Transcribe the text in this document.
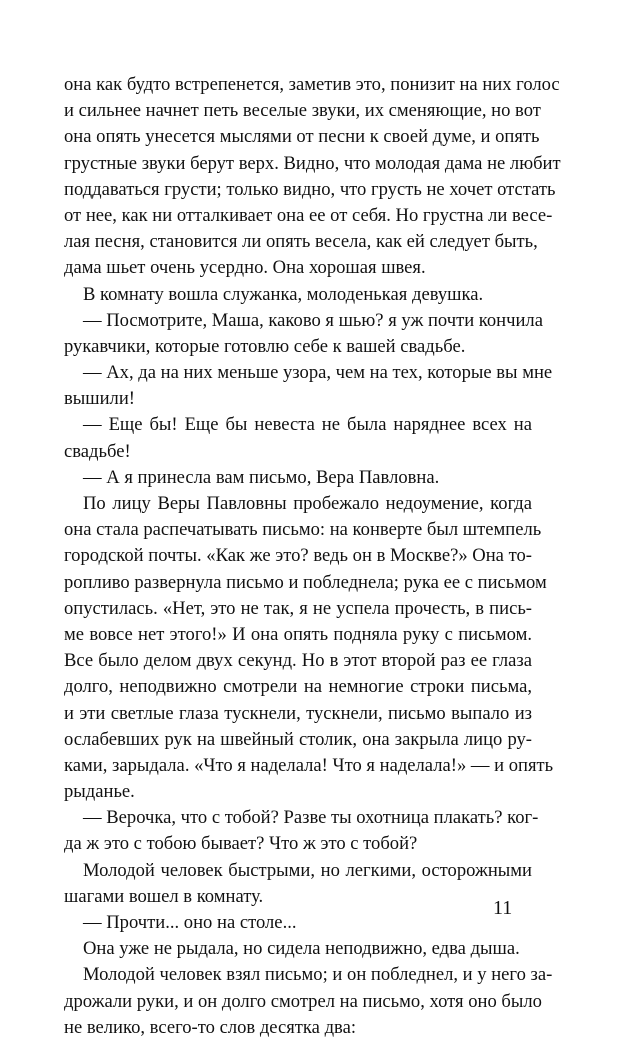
она как будто встрепенется, заметив это, понизит на них голос
и сильнее начнет петь веселые звуки, их сменяющие, но вот
она опять унесется мыслями от песни к своей думе, и опять
грустные звуки берут верх. Видно, что молодая дама не любит
поддаваться грусти; только видно, что грусть не хочет отстать
от нее, как ни отталкивает она ее от себя. Но грустна ли весе-
лая песня, становится ли опять весела, как ей следует быть,
дама шьет очень усердно. Она хорошая швея.
В комнату вошла служанка, молоденькая девушка.
— Посмотрите, Маша, каково я шью? я уж почти кончила
рукавчики, которые готовлю себе к вашей свадьбе.
— Ах, да на них меньше узора, чем на тех, которые вы мне
вышили!
— Еще бы! Еще бы невеста не была наряднее всех на
свадьбе!
— А я принесла вам письмо, Вера Павловна.
По лицу Веры Павловны пробежало недоумение, когда
она стала распечатывать письмо: на конверте был штемпель
городской почты. «Как же это? ведь он в Москве?» Она то-
ропливо развернула письмо и побледнела; рука ее с письмом
опустилась. «Нет, это не так, я не успела прочесть, в пись-
ме вовсе нет этого!» И она опять подняла руку с письмом.
Все было делом двух секунд. Но в этот второй раз ее глаза
долго, неподвижно смотрели на немногие строки письма,
и эти светлые глаза тускнели, тускнели, письмо выпало из
ослабевших рук на швейный столик, она закрыла лицо ру-
ками, зарыдала. «Что я наделала! Что я наделала!» — и опять
рыданье.
— Верочка, что с тобой? Разве ты охотница плакать? ког-
да ж это с тобою бывает? Что ж это с тобой?
Молодой человек быстрыми, но легкими, осторожными
шагами вошел в комнату.
— Прочти... оно на столе...
Она уже не рыдала, но сидела неподвижно, едва дыша.
Молодой человек взял письмо; и он побледнел, и у него за-
дрожали руки, и он долго смотрел на письмо, хотя оно было
не велико, всего-то слов десятка два:
11
